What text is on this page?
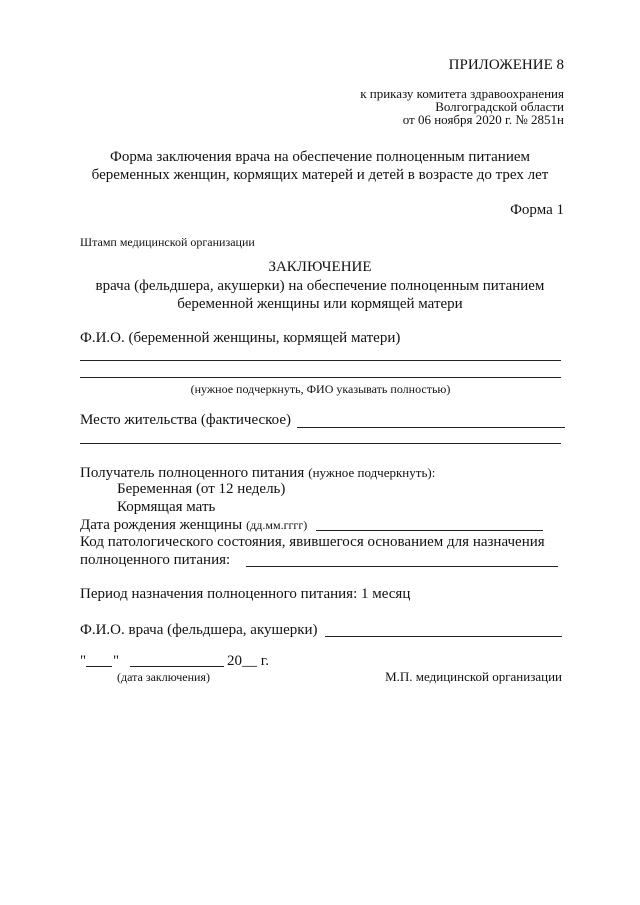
ПРИЛОЖЕНИЕ 8
к приказу комитета здравоохранения
Волгоградской области
от 06 ноября 2020 г. № 2851н
Форма заключения врача на обеспечение полноценным питанием
беременных женщин, кормящих матерей и детей в возрасте до трех лет
Форма 1
Штамп медицинской организации
ЗАКЛЮЧЕНИЕ
врача (фельдшера, акушерки) на обеспечение полноценным питанием
беременной женщины или кормящей матери
Ф.И.О. (беременной женщины, кормящей матери)
(нужное подчеркнуть, ФИО указывать полностью)
Место жительства (фактическое)
Получатель полноценного питания (нужное подчеркнуть):
Беременная (от 12 недель)
Кормящая мать
Дата рождения женщины (дд.мм.гггг)
Код патологического состояния, явившегося основанием для назначения
полноценного питания:
Период назначения полноценного питания: 1 месяц
Ф.И.О. врача (фельдшера, акушерки)
" "	20__ г.
(дата заключения)	М.П. медицинской организации
